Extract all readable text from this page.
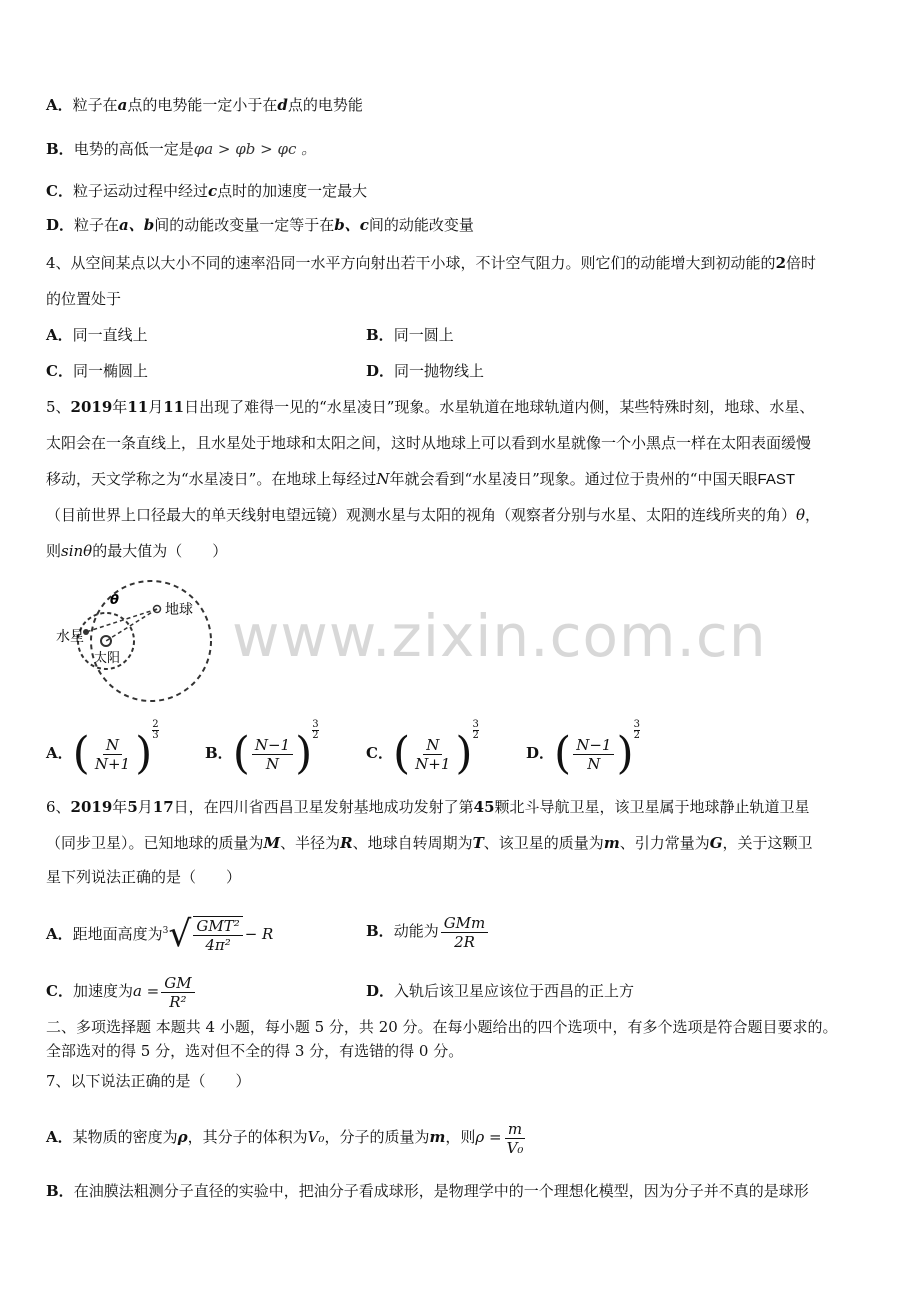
A．粒子在a点的电势能一定小于在d点的电势能
B．电势的高低一定是φa > φb > φc 。
C．粒子运动过程中经过c点时的加速度一定最大
D．粒子在a、b间的动能改变量一定等于在b、c间的动能改变量
4、从空间某点以大小不同的速率沿同一水平方向射出若干小球，不计空气阻力。则它们的动能增大到初动能的2倍时
的位置处于
A．同一直线上	B．同一圆上
C．同一椭圆上	D．同一抛物线上
5、2019年11月11日出现了难得一见的“水星凌日”现象。水星轨道在地球轨道内侧，某些特殊时刻，地球、水星、
太阳会在一条直线上，且水星处于地球和太阳之间，这时从地球上可以看到水星就像一个小黑点一样在太阳表面缓慢
移动，天文学称之为“水星凌日”。在地球上每经过N年就会看到“水星凌日”现象。通过位于贵州的“中国天眼FAST
（目前世界上口径最大的单天线射电望远镜）观测水星与太阳的视角（观察者分别与水星、太阳的连线所夹的角）θ，
则sinθ的最大值为（　　）
θ
地球
水星
太阳 www.zixin.com.cn
A．( $\frac{N}{N+1}$ ) $\frac{2}{3}$
B．( $\frac{N-1}{N}$ ) $\frac{3}{2}$
C．( $\frac{N}{N+1}$ ) $\frac{3}{2}$
D．( $\frac{N-1}{N}$ ) $\frac{3}{2}$
6、2019年5月17日，在四川省西昌卫星发射基地成功发射了第45颗北斗导航卫星，该卫星属于地球静止轨道卫星
（同步卫星）。已知地球的质量为M、半径为R、地球自转周期为T、该卫星的质量为m、引力常量为G，关于这颗卫
星下列说法正确的是（　　）
A．距地面高度为$^3√ \frac{\text{GMT²}}{\text{4π²}} - R$	B．动能为 $\frac{\text{GMm}}{2R}$
C．加速度为$a = \frac{GM}{\text{R²}}$	D．入轨后该卫星应该位于西昌的正上方
二、多项选择题 本题共 4 小题，每小题 5 分，共 20 分。在每小题给出的四个选项中，有多个选项是符合题目要求的。
全部选对的得 5 分，选对但不全的得 3 分，有选错的得 0 分。
7、以下说法正确的是（　　）
A．某物质的密度为ρ，其分子的体积为V₀，分子的质量为m，则$\rho = \frac{m}{\text{V₀}}$
B．在油膜法粗测分子直径的实验中，把油分子看成球形，是物理学中的一个理想化模型，因为分子并不真的是球形
